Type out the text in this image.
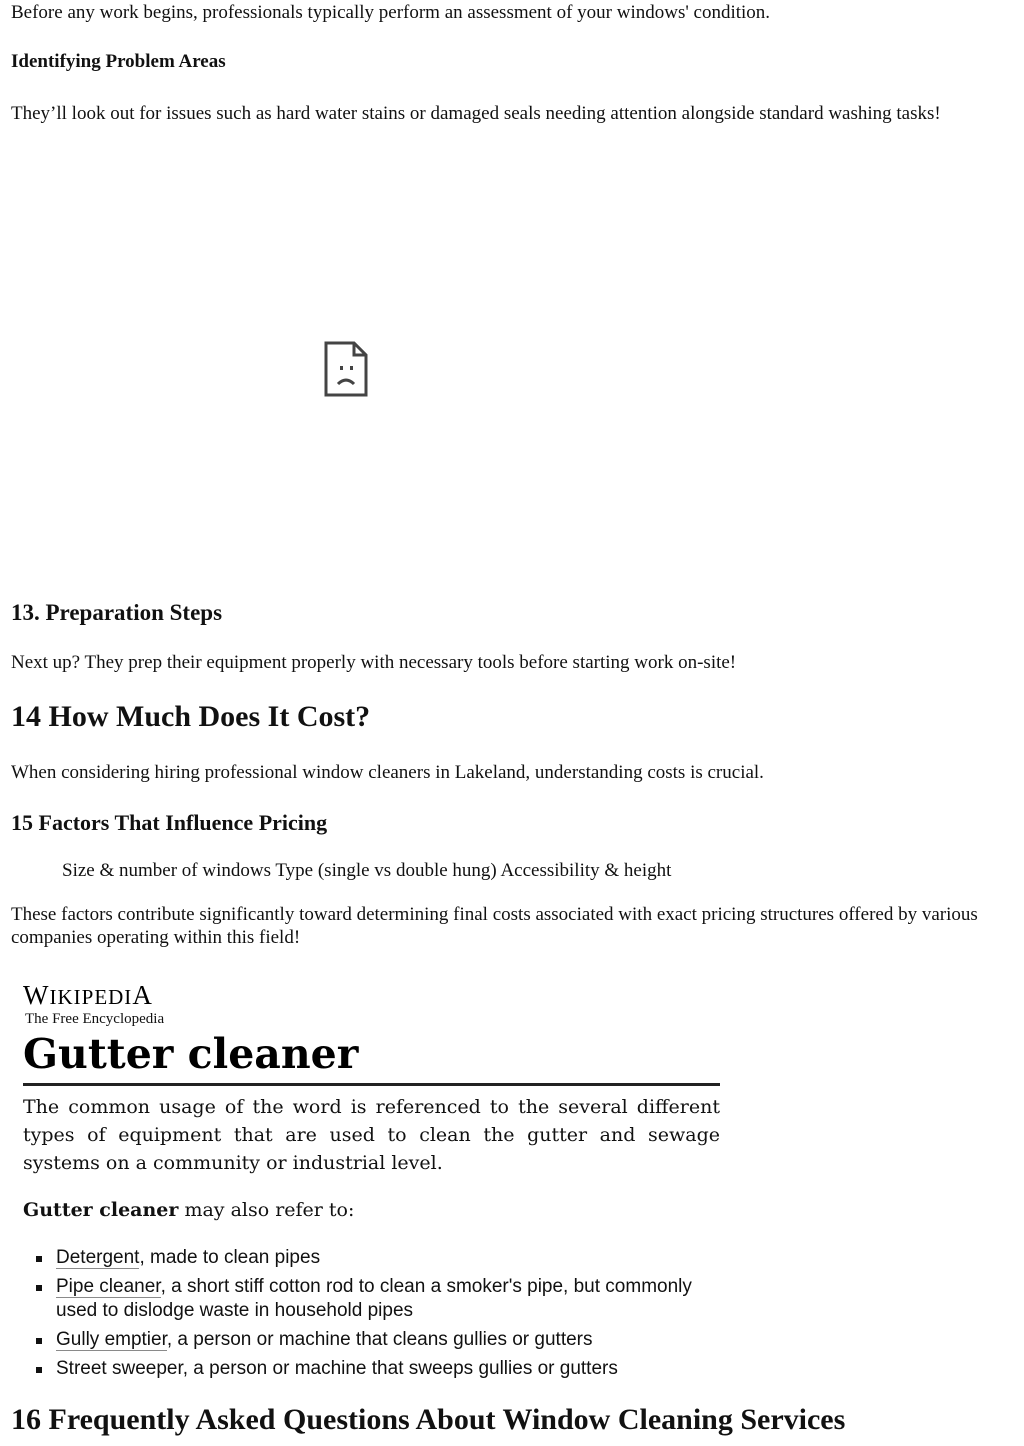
Before any work begins, professionals typically perform an assessment of your windows' condition.

Identifying Problem Areas

They’ll look out for issues such as hard water stains or damaged seals needing attention alongside standard washing tasks!

13. Preparation Steps

Next up? They prep their equipment properly with necessary tools before starting work on-site!

14 How Much Does It Cost?

When considering hiring professional window cleaners in Lakeland, understanding costs is crucial.

15 Factors That Influence Pricing

Size & number of windows Type (single vs double hung) Accessibility & height

These factors contribute significantly toward determining final costs associated with exact pricing structures offered by various companies operating within this field!

WIKIPEDIA
The Free Encyclopedia
Gutter cleaner
The common usage of the word is referenced to the several different types of equipment that are used to clean the gutter and sewage systems on a community or industrial level.
Gutter cleaner may also refer to:
Detergent, made to clean pipes
Pipe cleaner, a short stiff cotton rod to clean a smoker's pipe, but commonly used to dislodge waste in household pipes
Gully emptier, a person or machine that cleans gullies or gutters
Street sweeper, a person or machine that sweeps gullies or gutters
16 Frequently Asked Questions About Window Cleaning Services
